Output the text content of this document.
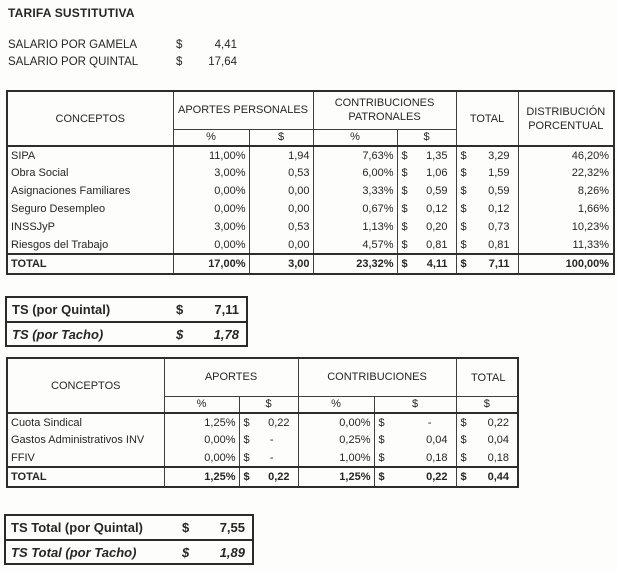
TARIFA SUSTITUTIVA
SALARIO POR GAMELA	$	4,41
SALARIO POR QUINTAL	$	17,64
CONCEPTOS	APORTES PERSONALES		CONTRIBUCIONES PATRONALES		TOTAL	DISTRIBUCIÓN PORCENTUAL
	%	$	%	$		
SIPA	11,00%	1,94	7,63%	$ 1,35	$ 3,29	46,20%
Obra Social	3,00%	0,53	6,00%	$ 1,06	$ 1,59	22,32%
Asignaciones Familiares	0,00%	0,00	3,33%	$ 0,59	$ 0,59	8,26%
Seguro Desempleo	0,00%	0,00	0,67%	$ 0,12	$ 0,12	1,66%
INSSJyP	3,00%	0,53	1,13%	$ 0,20	$ 0,73	10,23%
Riesgos del Trabajo	0,00%	0,00	4,57%	$ 0,81	$ 0,81	11,33%
TOTAL	17,00%	3,00	23,32%	$ 4,11	$ 7,11	100,00%
TS (por Quintal)	$	7,11
TS (por Tacho)	$	1,78
CONCEPTOS	APORTES		CONTRIBUCIONES		TOTAL
	%	$	%	$	$
Cuota Sindical	1,25%	$ 0,22	0,00%	$ -	$ 0,22

Gastos Administrativos INV	0,00%	$ -	0,25%	$ 0,04	$ 0,04

FFIV	0,00%	$ -	1,00%	$ 0,18	$ 0,18

TOTAL	1,25%	$ 0,22	1,25%	$ 0,22	$ 0,44
TS Total (por Quintal)	$	7,55
TS Total (por Tacho)	$	1,89
